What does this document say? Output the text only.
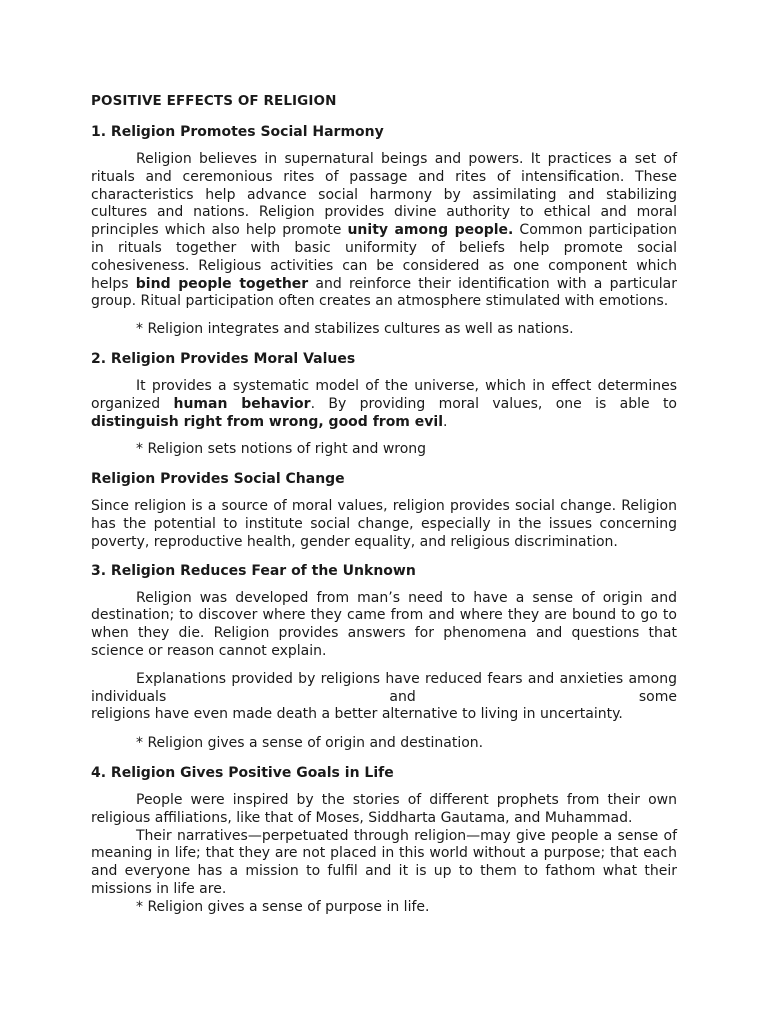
POSITIVE EFFECTS OF RELIGION
1. Religion Promotes Social Harmony

Religion believes in supernatural beings and powers. It practices a set of rituals and ceremonious rites of passage and rites of intensification. These characteristics help advance social harmony by assimilating and stabilizing cultures and nations. Religion provides divine authority to ethical and moral principles which also help promote unity among people. Common participation in rituals together with basic uniformity of beliefs help promote social cohesiveness. Religious activities can be considered as one component which helps bind people together and reinforce their identification with a particular group. Ritual participation often creates an atmosphere stimulated with emotions.

* Religion integrates and stabilizes cultures as well as nations.

2. Religion Provides Moral Values

It provides a systematic model of the universe, which in effect determines organized human behavior. By providing moral values, one is able to distinguish right from wrong, good from evil.

* Religion sets notions of right and wrong

Religion Provides Social Change

Since religion is a source of moral values, religion provides social change. Religion has the potential to institute social change, especially in the issues concerning poverty, reproductive health, gender equality, and religious discrimination.

3. Religion Reduces Fear of the Unknown

Religion was developed from man’s need to have a sense of origin and destination; to discover where they came from and where they are bound to go to when they die. Religion provides answers for phenomena and questions that science or reason cannot explain.

Explanations provided by religions have reduced fears and anxieties among

individuals and some

religions have even made death a better alternative to living in uncertainty.

* Religion gives a sense of origin and destination.

4. Religion Gives Positive Goals in Life

People were inspired by the stories of different prophets from their own religious affiliations, like that of Moses, Siddharta Gautama, and Muhammad.

Their narratives—perpetuated through religion—may give people a sense of meaning in life; that they are not placed in this world without a purpose; that each and everyone has a mission to fulfil and it is up to them to fathom what their missions in life are.

* Religion gives a sense of purpose in life.
